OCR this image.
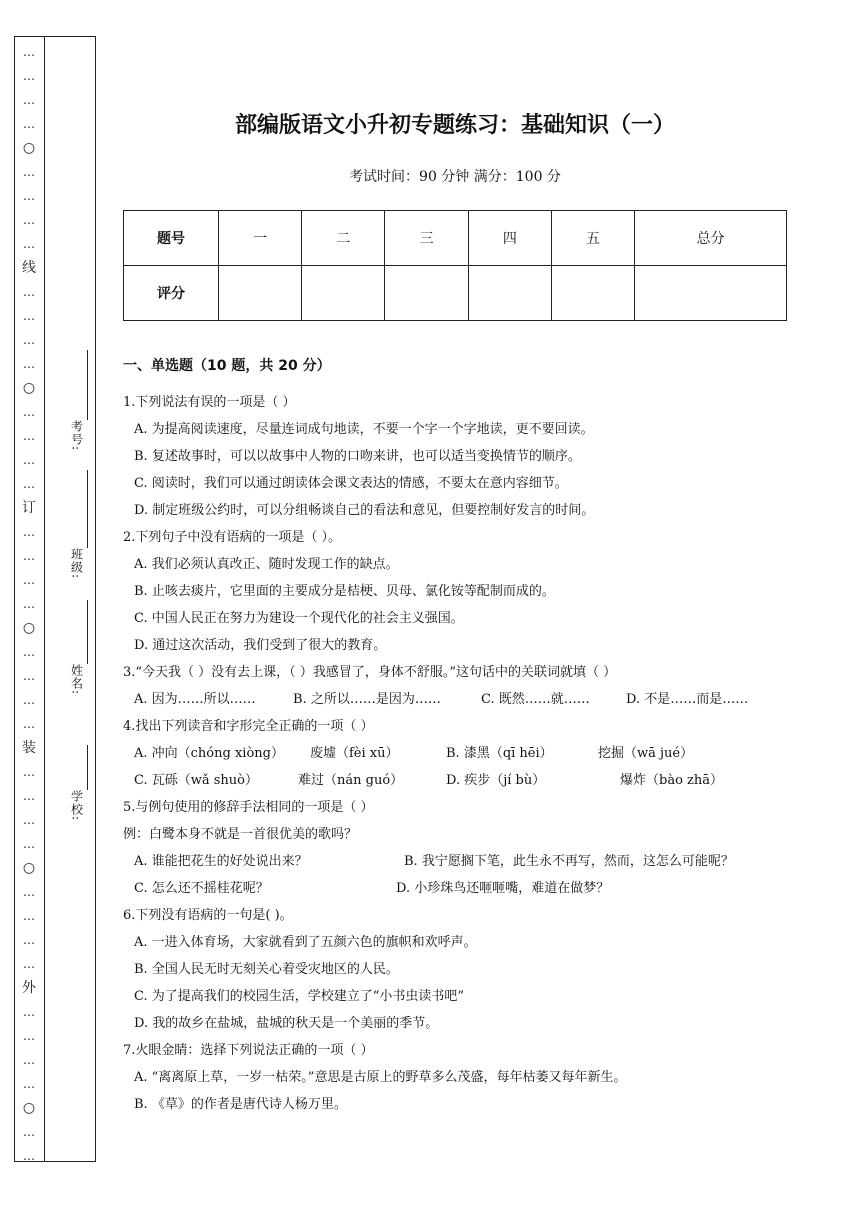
…
…
…
…
○
…
…
…
…
线
…
…
…
…
○
…
…
…
…
订
…
…
…
…
○
…
…
…
…
装
…
…
…
…
○
…
…
…
…
外
…
…
…
…
○
…
…
考号:
班级:
姓名:
学校:
部编版语文小升初专题练习：基础知识（一）
考试时间：90 分钟 满分：100 分
题号	一	二	三	四	五	总分
评分						
一、单选题（10 题，共 20 分）
1.下列说法有误的一项是（ ）
A. 为提高阅读速度，尽量连词成句地读，不要一个字一个字地读，更不要回读。
B. 复述故事时，可以以故事中人物的口吻来讲，也可以适当变换情节的顺序。
C. 阅读时，我们可以通过朗读体会课文表达的情感，不要太在意内容细节。
D. 制定班级公约时，可以分组畅谈自己的看法和意见，但要控制好发言的时间。
2.下列句子中没有语病的一项是（ ）。
A. 我们必须认真改正、随时发现工作的缺点。
B. 止咳去痰片，它里面的主要成分是桔梗、贝母、氯化铵等配制而成的。
C. 中国人民正在努力为建设一个现代化的社会主义强国。
D. 通过这次活动，我们受到了很大的教育。
3.“今天我（ ）没有去上课，（ ）我感冒了，身体不舒服。”这句话中的关联词就填（ ）
A. 因为……所以……	B. 之所以……是因为……	C. 既然……就……	D. 不是……而是……
4.找出下列读音和字形完全正确的一项（ ）
A. 冲向（chóng xiòng） 废墟（fèi xū）	B. 漆黑（qī hēi）	挖掘（wā jué）
C. 瓦砾（wǎ shuò）	难过（nán guó）	D. 疾步（jí bù）	爆炸（bào zhā）
5.与例句使用的修辞手法相同的一项是（ ）
例：白鹭本身不就是一首很优美的歌吗？
A. 谁能把花生的好处说出来？	B. 我宁愿搁下笔，此生永不再写，然而，这怎么可能呢？
C. 怎么还不摇桂花呢？	D. 小珍珠鸟还咂咂嘴，难道在做梦？
6.下列没有语病的一句是( )。
A. 一进入体育场，大家就看到了五颜六色的旗帜和欢呼声。
B. 全国人民无时无刻关心着受灾地区的人民。
C. 为了提高我们的校园生活，学校建立了“小书虫读书吧”
D. 我的故乡在盐城，盐城的秋天是一个美丽的季节。
7.火眼金睛：选择下列说法正确的一项（ ）
A. “离离原上草，一岁一枯荣。”意思是古原上的野草多么茂盛，每年枯萎又每年新生。
B. 《草》的作者是唐代诗人杨万里。
